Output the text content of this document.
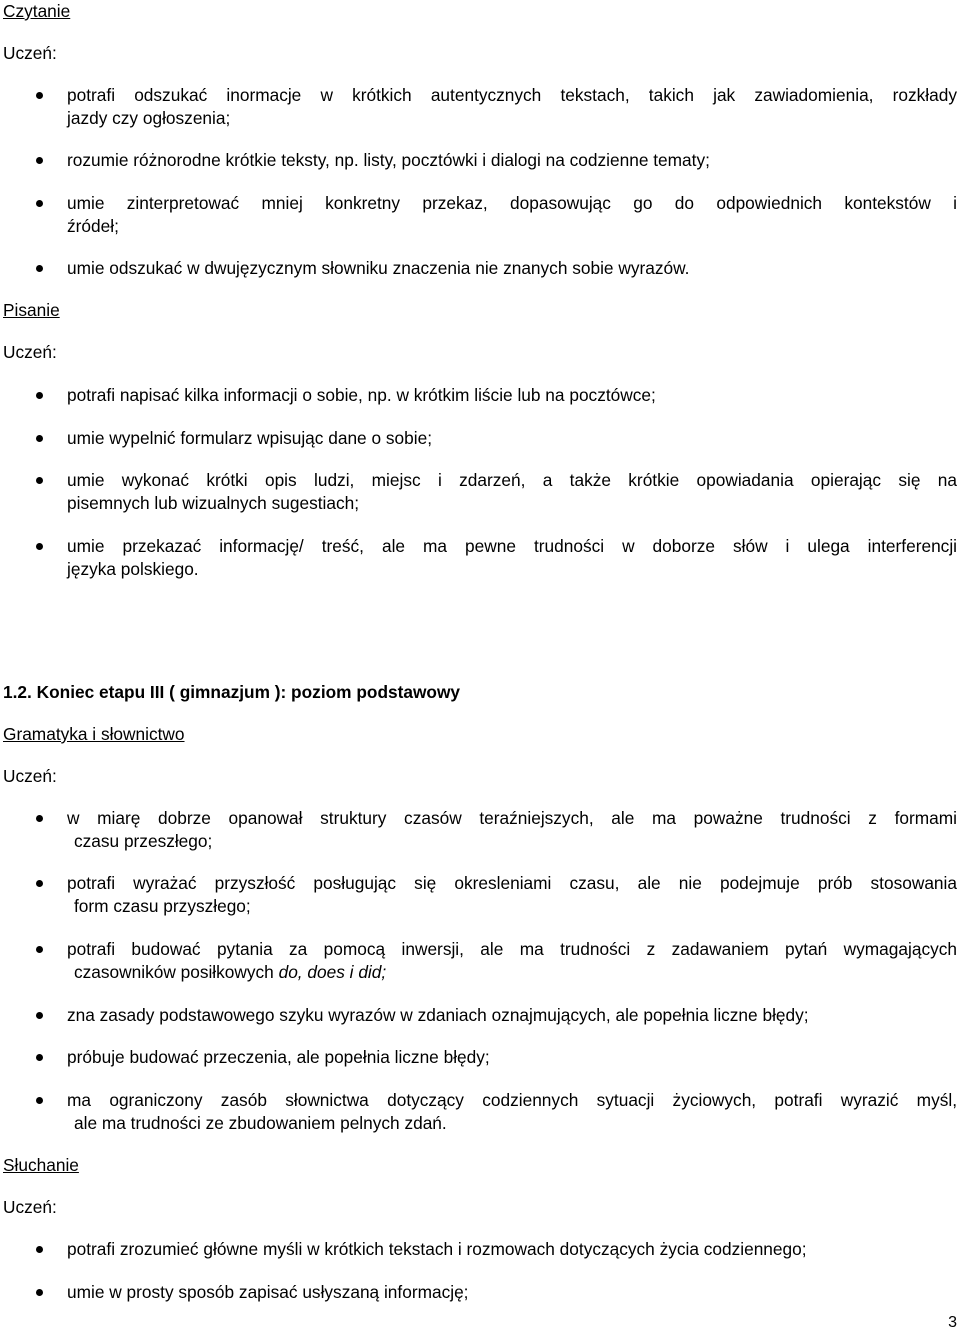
Czytanie
Uczeń:
potrafi odszukać inormacje w krótkich autentycznych tekstach, takich jak zawiadomienia, rozkłady
jazdy czy ogłoszenia;
rozumie różnorodne krótkie teksty, np. listy, pocztówki i dialogi na codzienne tematy;
umie zinterpretować mniej konkretny przekaz, dopasowując go do odpowiednich kontekstów i
źródeł;
umie odszukać w dwujęzycznym słowniku znaczenia nie znanych sobie wyrazów.
Pisanie
Uczeń:
potrafi napisać kilka informacji o sobie, np. w krótkim liście lub na pocztówce;
umie wypelnić formularz wpisując dane o sobie;
umie wykonać krótki opis ludzi, miejsc i zdarzeń, a także krótkie opowiadania opierając się na
pisemnych lub wizualnych sugestiach;
umie przekazać informację/ treść, ale ma pewne trudności w doborze słów i ulega interferencji
języka polskiego.
1.2. Koniec etapu III ( gimnazjum ): poziom podstawowy
Gramatyka i słownictwo
Uczeń:
w miarę dobrze opanował struktury czasów teraźniejszych, ale ma poważne trudności z formami
czasu przeszłego;
potrafi wyrażać przyszłość posługując się okresleniami czasu, ale nie podejmuje prób stosowania
form czasu przyszłego;
potrafi budować pytania za pomocą inwersji, ale ma trudności z zadawaniem pytań wymagających
czasowników posiłkowych do, does i did;
zna zasady podstawowego szyku wyrazów w zdaniach oznajmujących, ale popełnia liczne błędy;
próbuje budować przeczenia, ale popełnia liczne błędy;
ma ograniczony zasób słownictwa dotyczący codziennych sytuacji życiowych, potrafi wyrazić myśl,
ale ma trudności ze zbudowaniem pelnych zdań.
Słuchanie
Uczeń:
potrafi zrozumieć główne myśli w krótkich tekstach i rozmowach dotyczących życia codziennego;
umie w prosty sposób zapisać usłyszaną informację;
3
